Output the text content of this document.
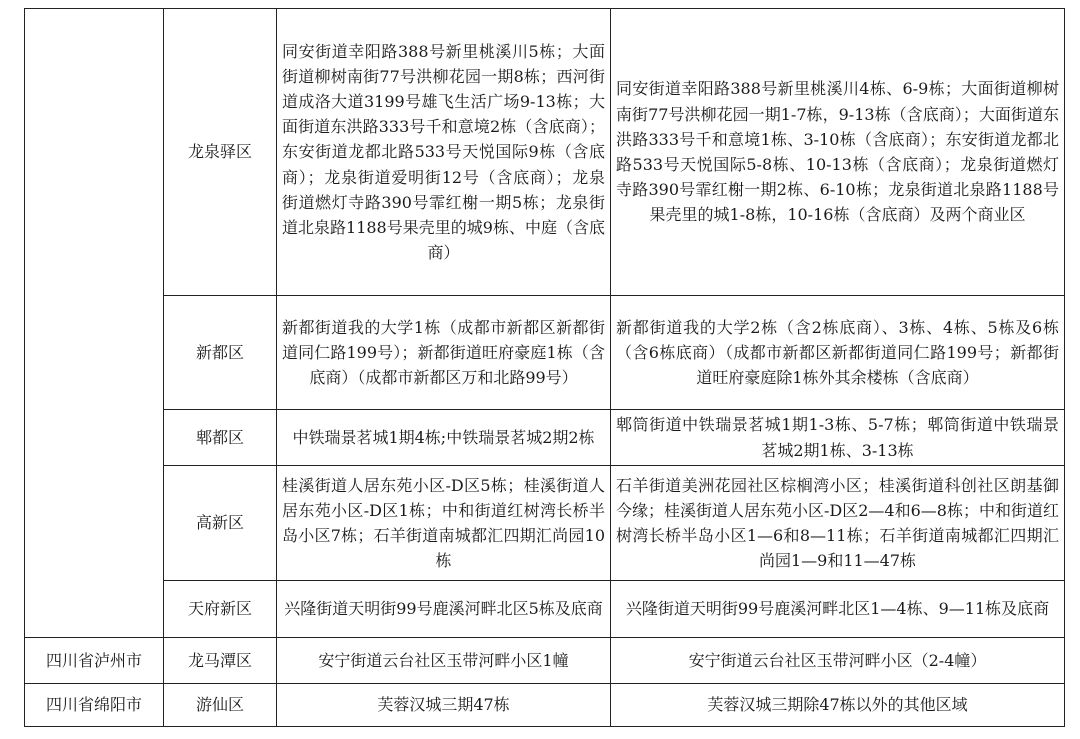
	龙泉驿区	同安街道幸阳路388号新里桃溪川5栋；大面街道柳树南街77号洪柳花园一期8栋；西河街道成洛大道3199号雄飞生活广场9-13栋；大面街道东洪路333号千和意境2栋（含底商）；东安街道龙都北路533号天悦国际9栋（含底商）；龙泉街道爱明街12号（含底商）；龙泉街道燃灯寺路390号霏红榭一期5栋；龙泉街道北泉路1188号果壳里的城9栋、中庭（含底商）	同安街道幸阳路388号新里桃溪川4栋、6-9栋；大面街道柳树南街77号洪柳花园一期1-7栋，9-13栋（含底商）；大面街道东洪路333号千和意境1栋、3-10栋（含底商）；东安街道龙都北路533号天悦国际5-8栋、10-13栋（含底商）；龙泉街道燃灯寺路390号霏红榭一期2栋、6-10栋；龙泉街道北泉路1188号果壳里的城1-8栋，10-16栋（含底商）及两个商业区
	新都区	新都街道我的大学1栋（成都市新都区新都街道同仁路199号）；新都街道旺府豪庭1栋（含底商）（成都市新都区万和北路99号）	新都街道我的大学2栋（含2栋底商）、3栋、4栋、5栋及6栋（含6栋底商）（成都市新都区新都街道同仁路199号；新都街道旺府豪庭除1栋外其余楼栋（含底商）
	郫都区	中铁瑞景茗城1期4栋;中铁瑞景茗城2期2栋	郫筒街道中铁瑞景茗城1期1-3栋、5-7栋；郫筒街道中铁瑞景茗城2期1栋、3-13栋
	高新区	桂溪街道人居东苑小区-D区5栋；桂溪街道人居东苑小区-D区1栋；中和街道红树湾长桥半岛小区7栋；石羊街道南城都汇四期汇尚园10栋	石羊街道美洲花园社区棕榈湾小区；桂溪街道科创社区朗基御今缘；桂溪街道人居东苑小区-D区2—4和6—8栋；中和街道红树湾长桥半岛小区1—6和8—11栋；石羊街道南城都汇四期汇尚园1—9和11—47栋
	天府新区	兴隆街道天明街99号鹿溪河畔北区5栋及底商	兴隆街道天明街99号鹿溪河畔北区1—4栋、9—11栋及底商
四川省泸州市	龙马潭区	安宁街道云台社区玉带河畔小区1幢	安宁街道云台社区玉带河畔小区（2-4幢）
四川省绵阳市	游仙区	芙蓉汉城三期47栋	芙蓉汉城三期除47栋以外的其他区域
